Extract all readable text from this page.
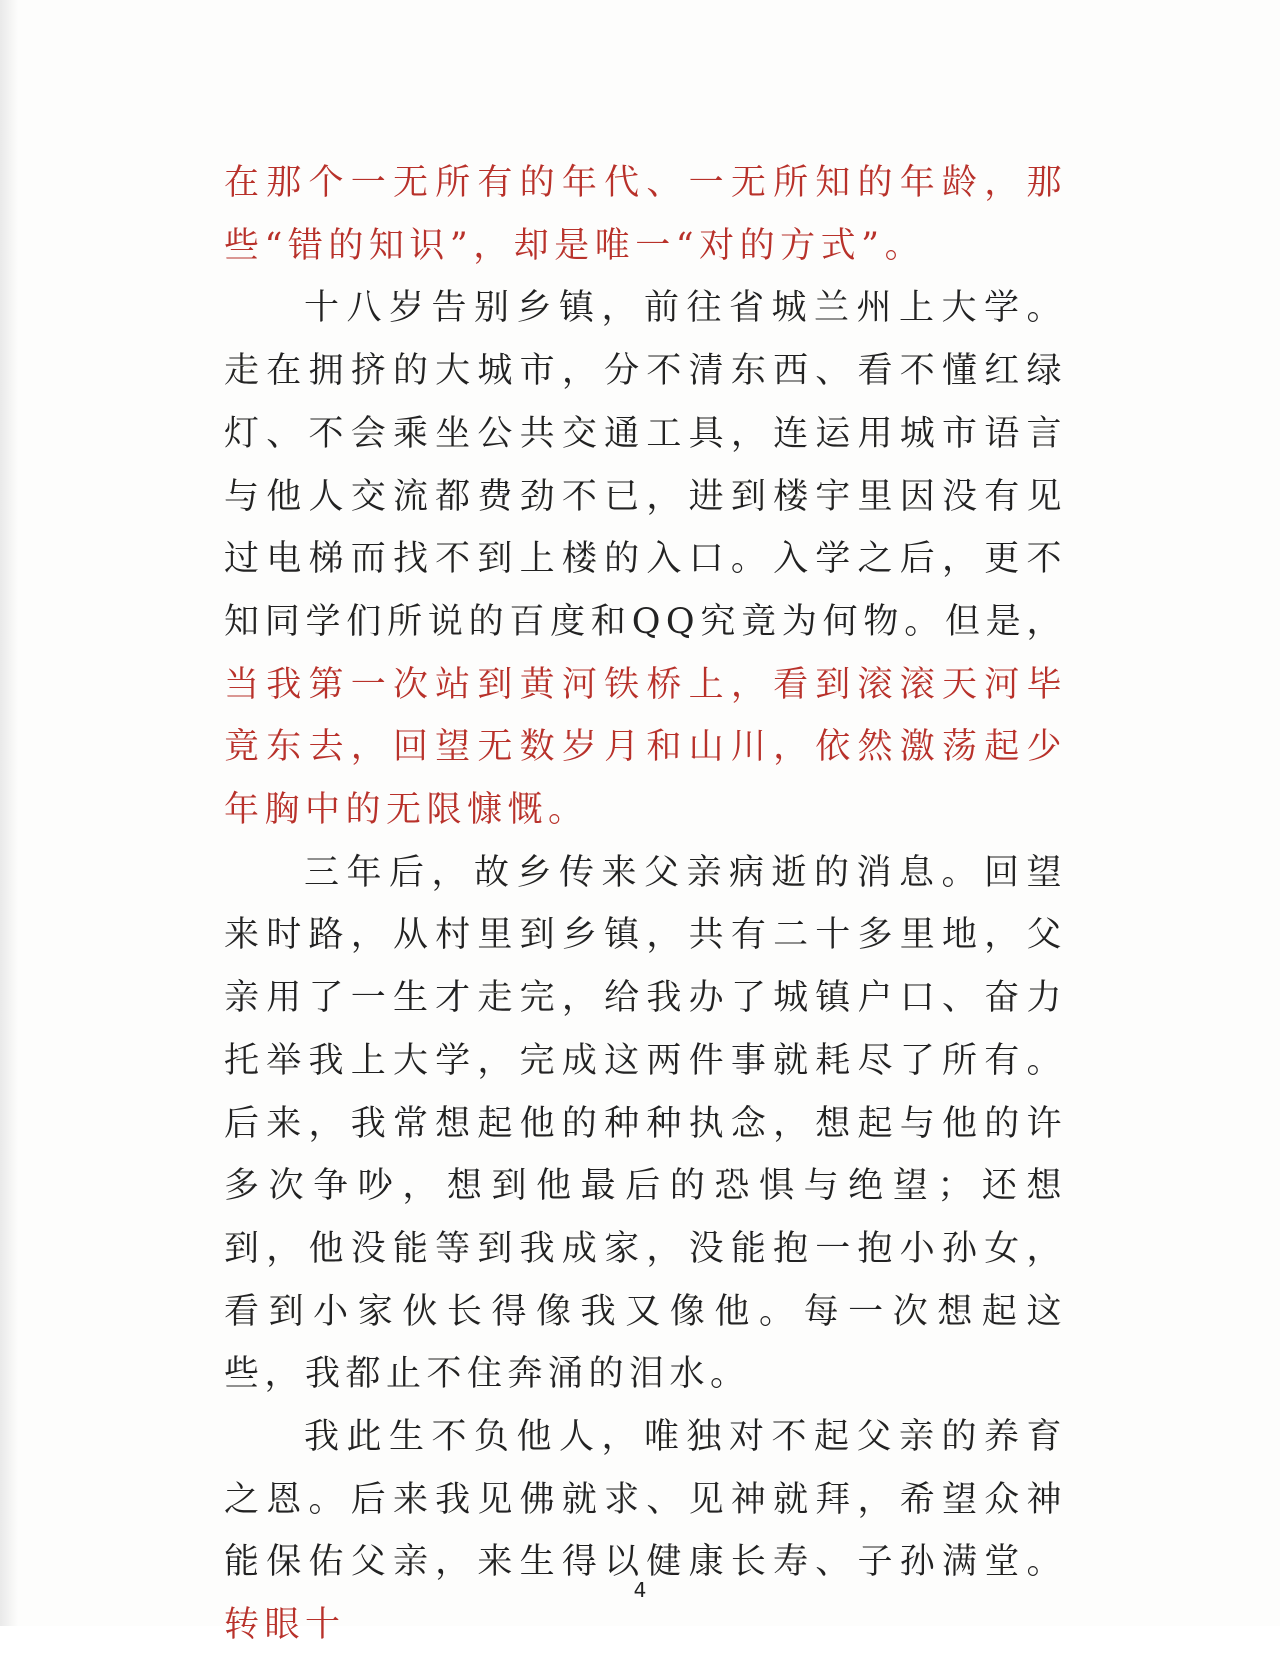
在那个一无所有的年代、一无所知的年龄，那些“错的知识”，却是唯一“对的方式”。

十八岁告别乡镇，前往省城兰州上大学。走在拥挤的大城市，分不清东西、看不懂红绿灯、不会乘坐公共交通工具，连运用城市语言与他人交流都费劲不已，进到楼宇里因没有见过电梯而找不到上楼的入口。入学之后，更不知同学们所说的百度和QQ究竟为何物。但是，当我第一次站到黄河铁桥上，看到滚滚天河毕竟东去，回望无数岁月和山川，依然激荡起少年胸中的无限慷慨。

三年后，故乡传来父亲病逝的消息。回望来时路，从村里到乡镇，共有二十多里地，父亲用了一生才走完，给我办了城镇户口、奋力托举我上大学，完成这两件事就耗尽了所有。后来，我常想起他的种种执念，想起与他的许多次争吵，想到他最后的恐惧与绝望；还想到，他没能等到我成家，没能抱一抱小孙女，看到小家伙长得像我又像他。每一次想起这些，我都止不住奔涌的泪水。

我此生不负他人，唯独对不起父亲的养育之恩。后来我见佛就求、见神就拜，希望众神能保佑父亲，来生得以健康长寿、子孙满堂。转眼十

4
